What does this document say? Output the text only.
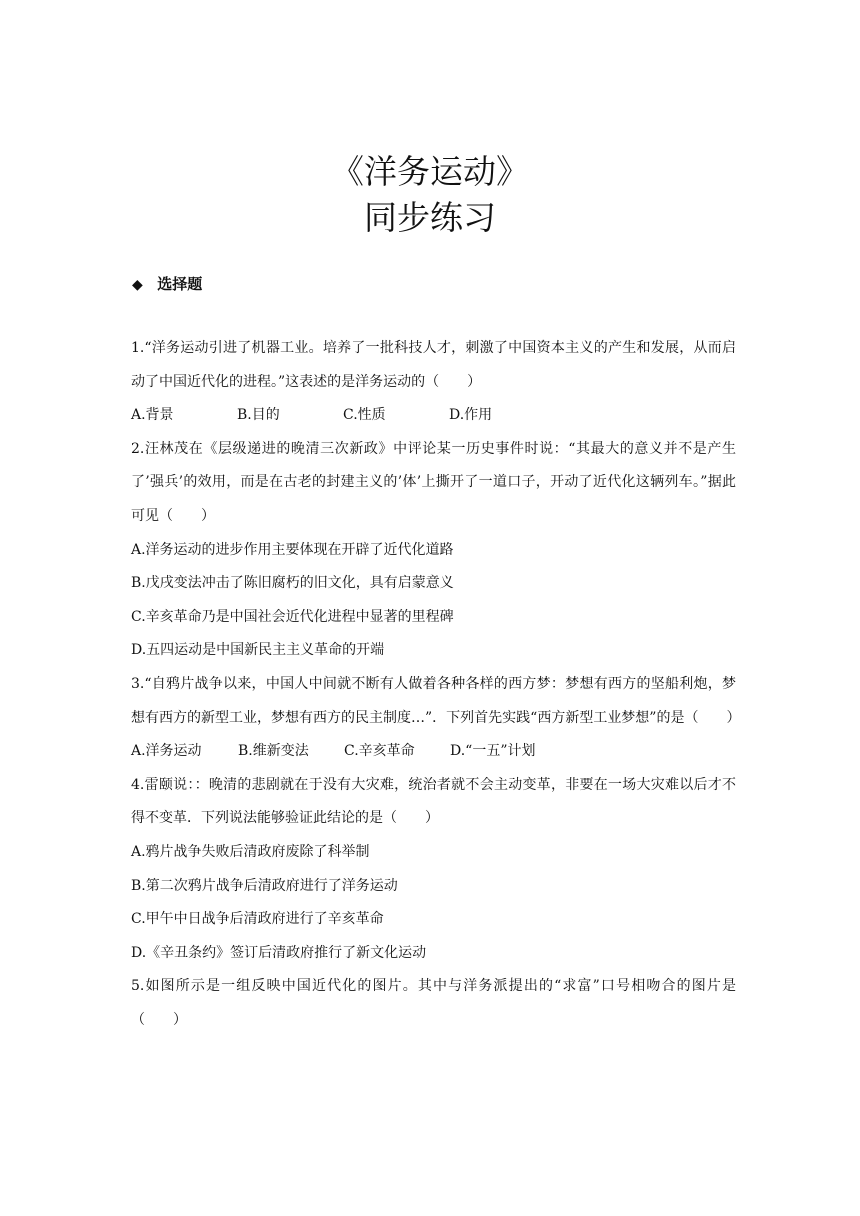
《洋务运动》
同步练习
◆ 选择题

1.“洋务运动引进了机器工业。培养了一批科技人才，刺激了中国资本主义的产生和发展，从而启动了中国近代化的进程。”这表述的是洋务运动的（　　）

A.背景	B.目的	C.性质	D.作用

2.汪林茂在《层级递进的晚清三次新政》中评论某一历史事件时说：“其最大的意义并不是产生了’强兵’的效用，而是在古老的封建主义的’体’上撕开了一道口子，开动了近代化这辆列车。”据此可见（　　）

A.洋务运动的进步作用主要体现在开辟了近代化道路

B.戊戌变法冲击了陈旧腐朽的旧文化，具有启蒙意义

C.辛亥革命乃是中国社会近代化进程中显著的里程碑

D.五四运动是中国新民主主义革命的开端

3.“自鸦片战争以来，中国人中间就不断有人做着各种各样的西方梦：梦想有西方的坚船利炮，梦想有西方的新型工业，梦想有西方的民主制度…”．下列首先实践“西方新型工业梦想”的是（　　）

A.洋务运动	B.维新变法	C.辛亥革命	D.“一五”计划

4.雷颐说：：晚清的悲剧就在于没有大灾难，统治者就不会主动变革，非要在一场大灾难以后才不得不变革．下列说法能够验证此结论的是（　　）

A.鸦片战争失败后清政府废除了科举制

B.第二次鸦片战争后清政府进行了洋务运动

C.甲午中日战争后清政府进行了辛亥革命

D.《辛丑条约》签订后清政府推行了新文化运动

5.如图所示是一组反映中国近代化的图片。其中与洋务派提出的“求富”口号相吻合的图片是（　　）
